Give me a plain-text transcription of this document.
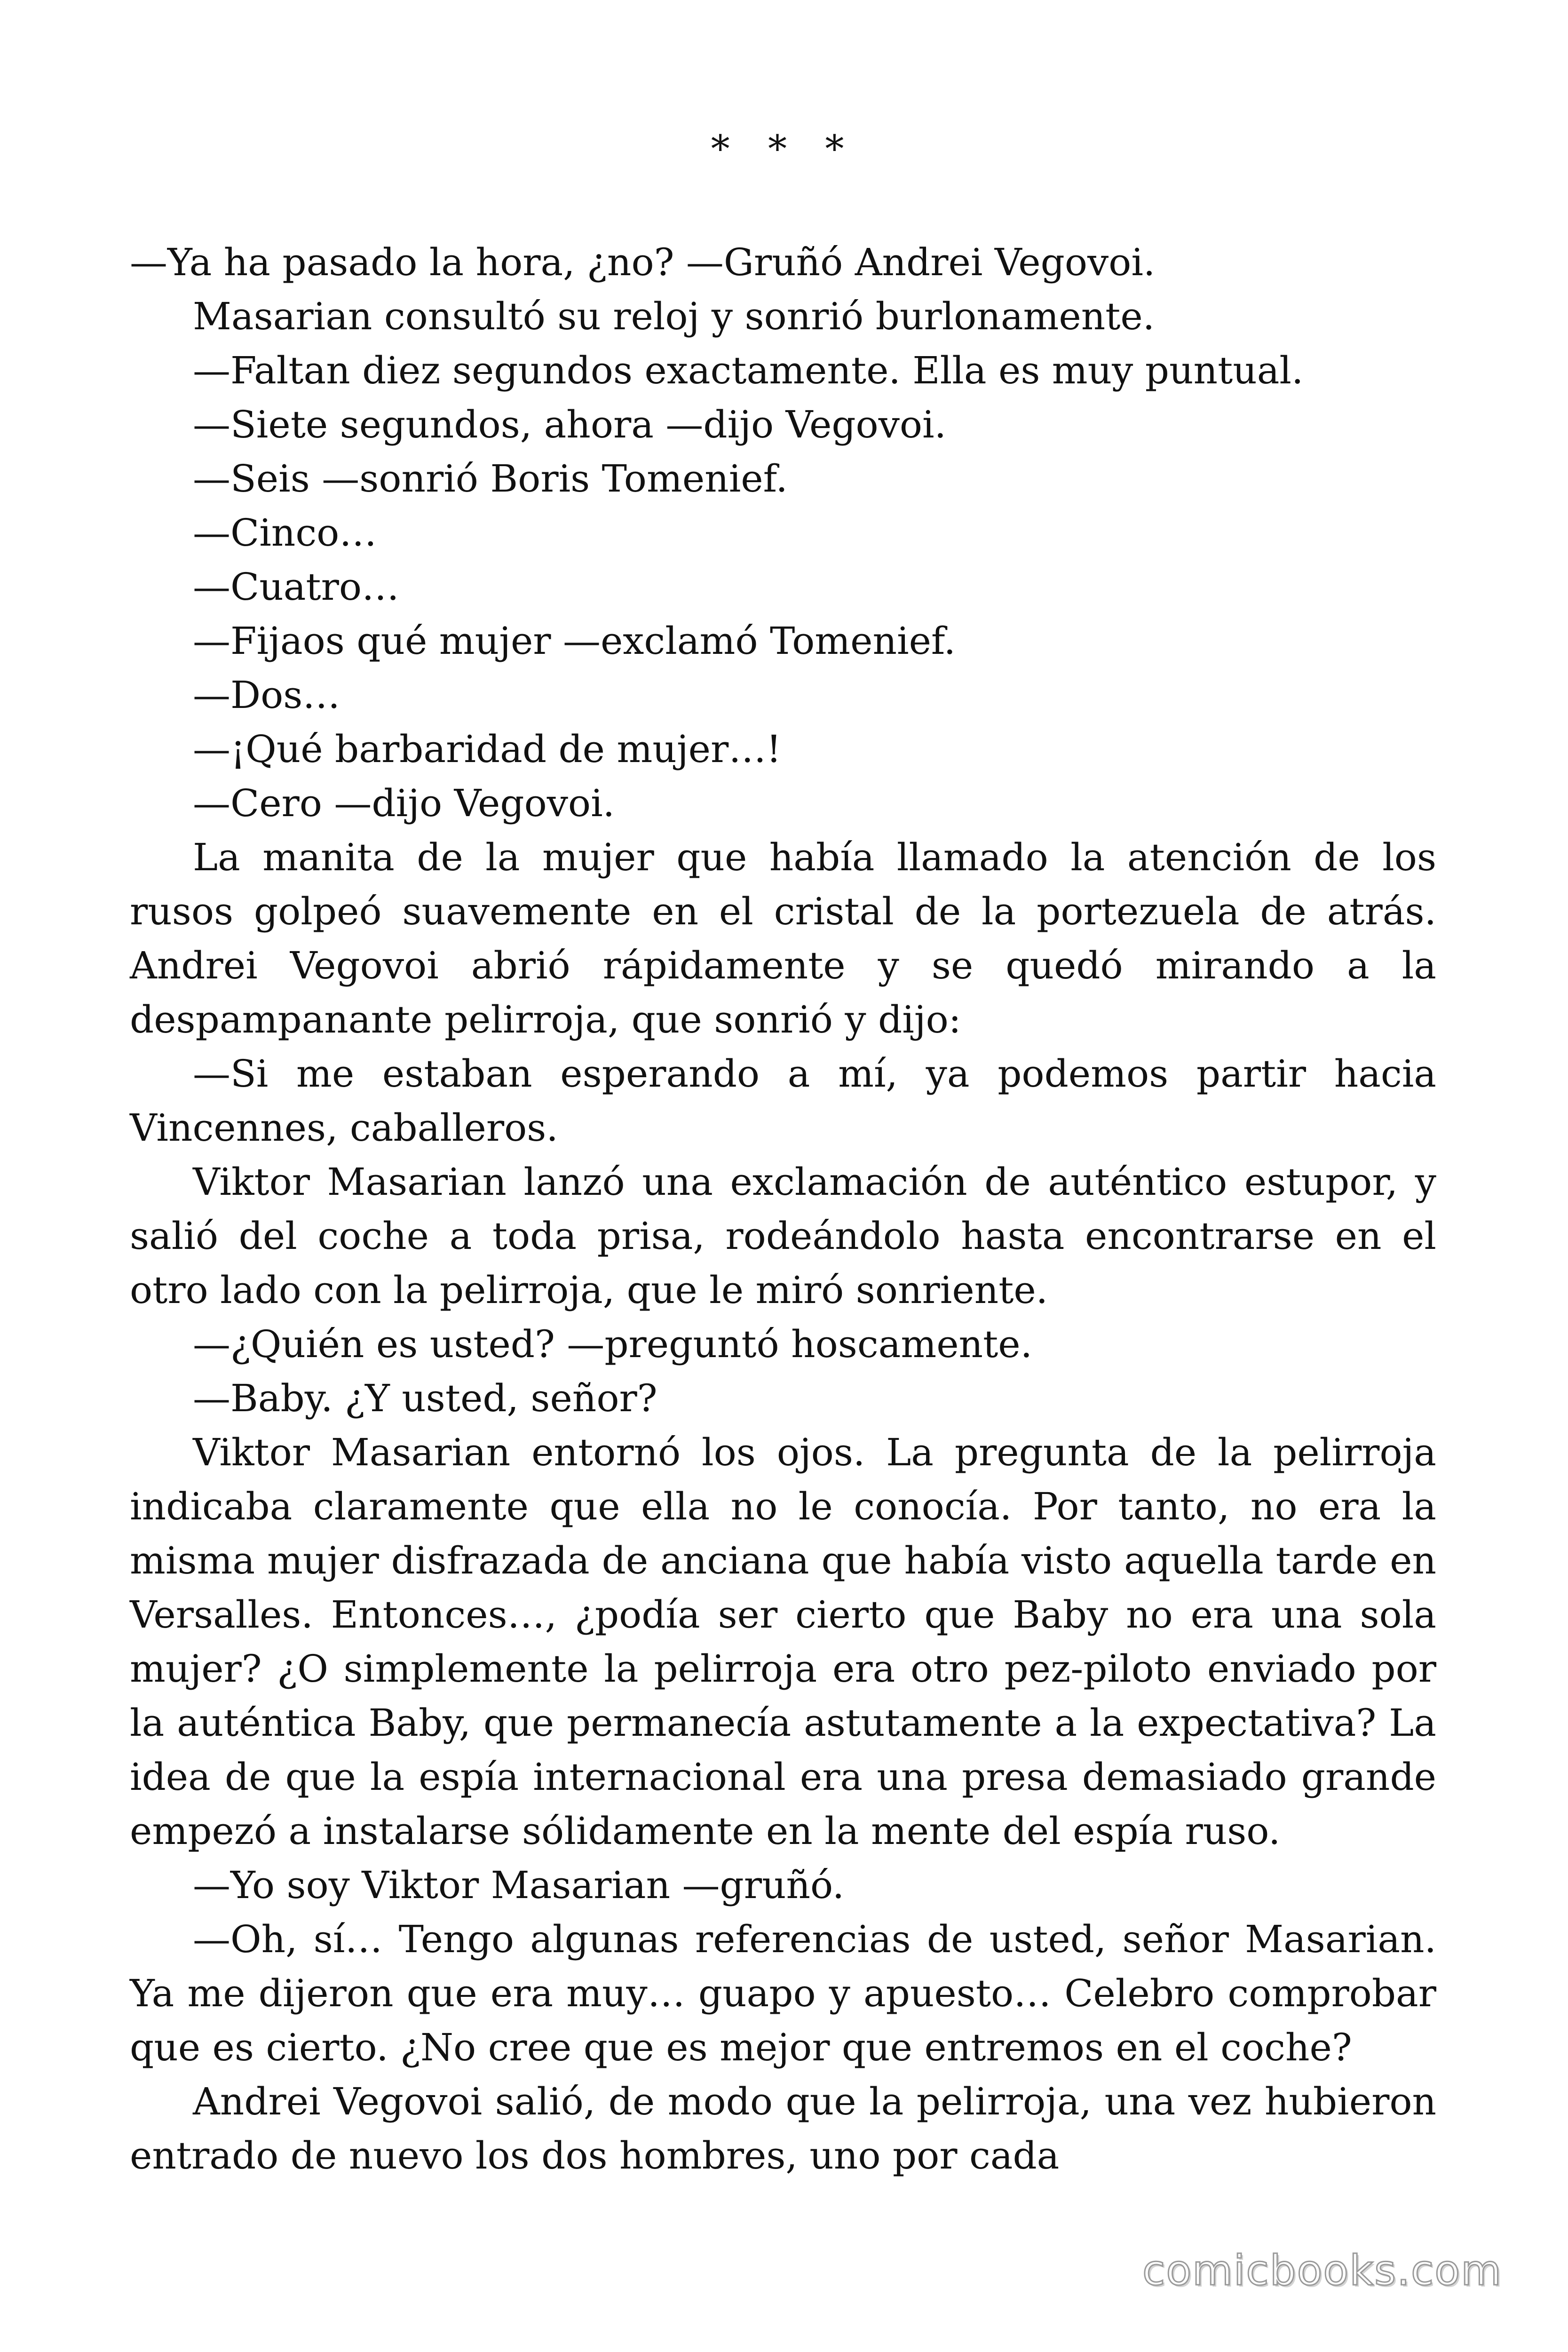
* * *

—Ya ha pasado la hora, ¿no? —Gruñó Andrei Vegovoi.

Masarian consultó su reloj y sonrió burlonamente.

—Faltan diez segundos exactamente. Ella es muy puntual.

—Siete segundos, ahora —dijo Vegovoi.

—Seis —sonrió Boris Tomenief.

—Cinco…

—Cuatro…

—Fijaos qué mujer —exclamó Tomenief.

—Dos…

—¡Qué barbaridad de mujer…!

—Cero —dijo Vegovoi.

La manita de la mujer que había llamado la atención de los rusos golpeó suavemente en el cristal de la portezuela de atrás. Andrei Vegovoi abrió rápidamente y se quedó mirando a la despampanante pelirroja, que sonrió y dijo:

—Si me estaban esperando a mí, ya podemos partir hacia Vincennes, caballeros.

Viktor Masarian lanzó una exclamación de auténtico estupor, y salió del coche a toda prisa, rodeándolo hasta encontrarse en el otro lado con la pelirroja, que le miró sonriente.

—¿Quién es usted? —preguntó hoscamente.

—Baby. ¿Y usted, señor?

Viktor Masarian entornó los ojos. La pregunta de la pelirroja indicaba claramente que ella no le conocía. Por tanto, no era la misma mujer disfrazada de anciana que había visto aquella tarde en Versalles. Entonces…, ¿podía ser cierto que Baby no era una sola mujer? ¿O simplemente la pelirroja era otro pez-piloto enviado por la auténtica Baby, que permanecía astutamente a la expectativa? La idea de que la espía internacional era una presa demasiado grande empezó a instalarse sólidamente en la mente del espía ruso.

—Yo soy Viktor Masarian —gruñó.

—Oh, sí… Tengo algunas referencias de usted, señor Masarian. Ya me dijeron que era muy… guapo y apuesto… Celebro comprobar que es cierto. ¿No cree que es mejor que entremos en el coche?

Andrei Vegovoi salió, de modo que la pelirroja, una vez hubieron entrado de nuevo los dos hombres, uno por cada

comicbooks.com
